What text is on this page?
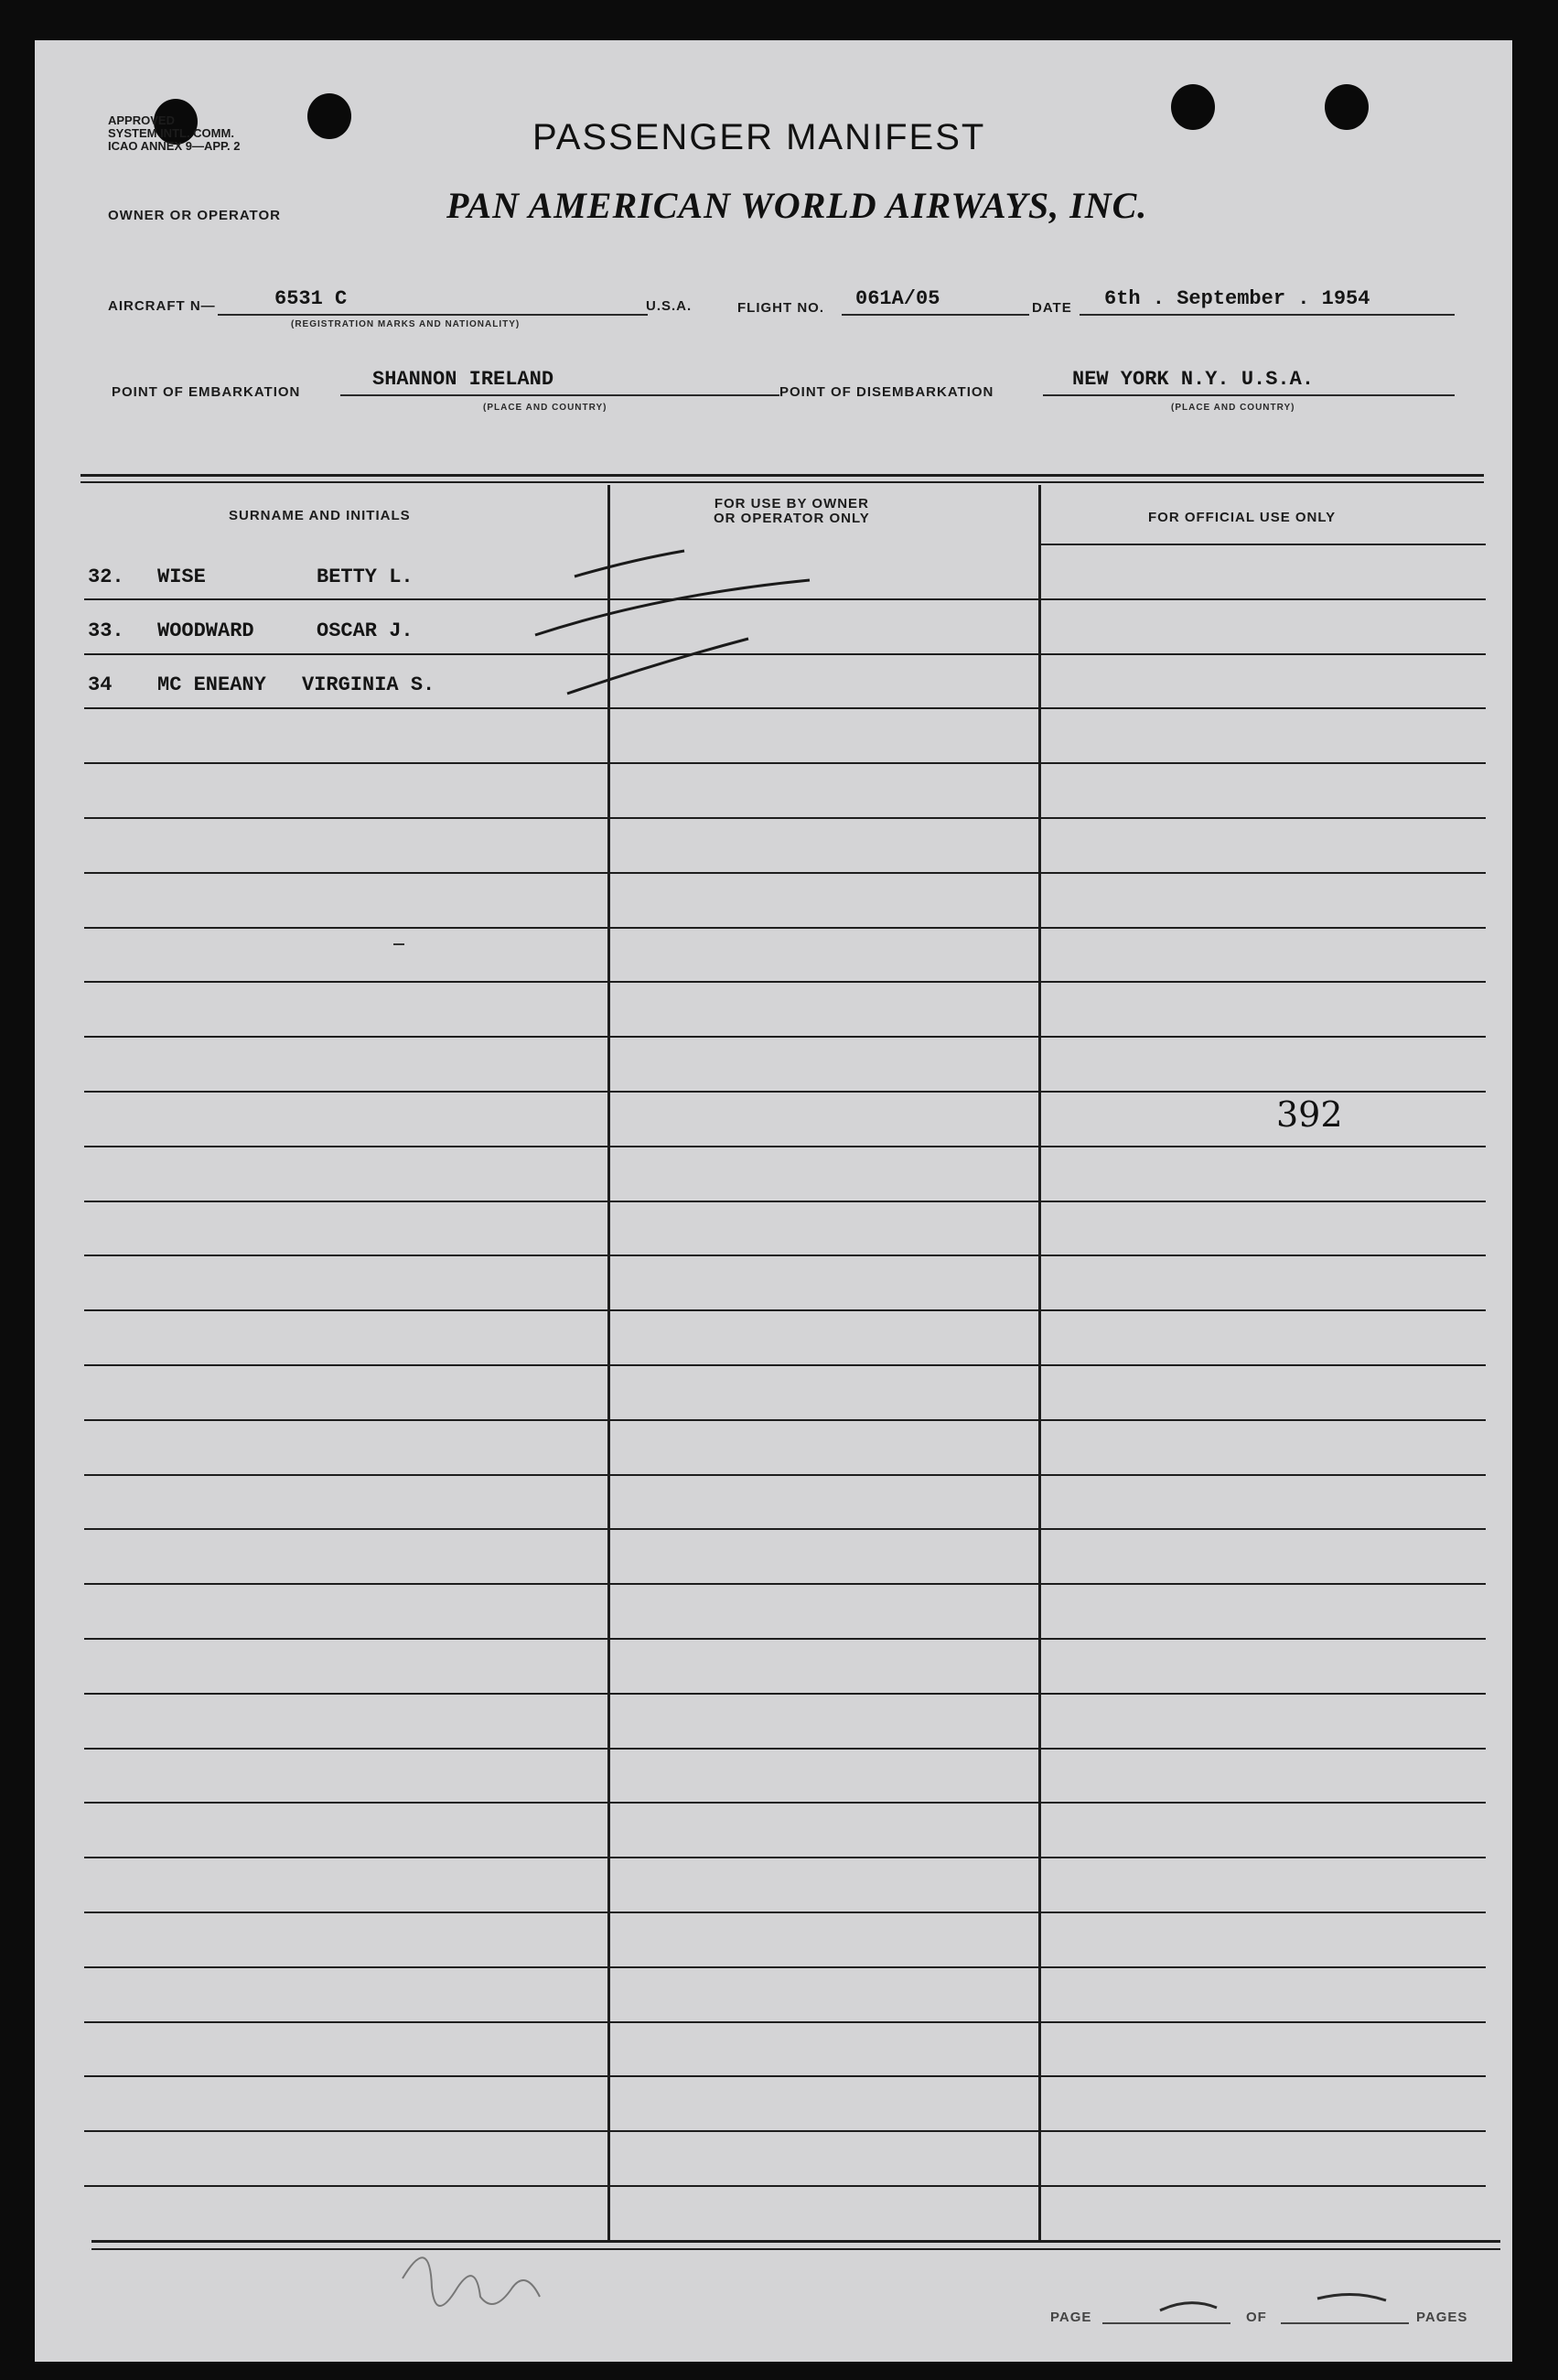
APPROVED
SYSTEM INTL. COMM.
ICAO ANNEX 9—APP. 2	PASSENGER MANIFEST
OWNER OR OPERATOR	PAN AMERICAN WORLD AIRWAYS, INC.
AIRCRAFT N—	6531 C
(REGISTRATION MARKS AND NATIONALITY)
U.S.A.	FLIGHT NO. 061A/05	DATE 6th . September . 1954
POINT OF EMBARKATION
SHANNON IRELAND
(PLACE AND COUNTRY)
POINT OF DISEMBARKATION
NEW YORK N.Y. U.S.A.
(PLACE AND COUNTRY)
SURNAME AND INITIALS
FOR USE BY OWNER
OR OPERATOR ONLY	FOR OFFICIAL USE ONLY
32. WISE	BETTY L.
33. WOODWARD	OSCAR J.
34 MC ENEANY VIRGINIA S.
392
PAGE	OF	PAGES
